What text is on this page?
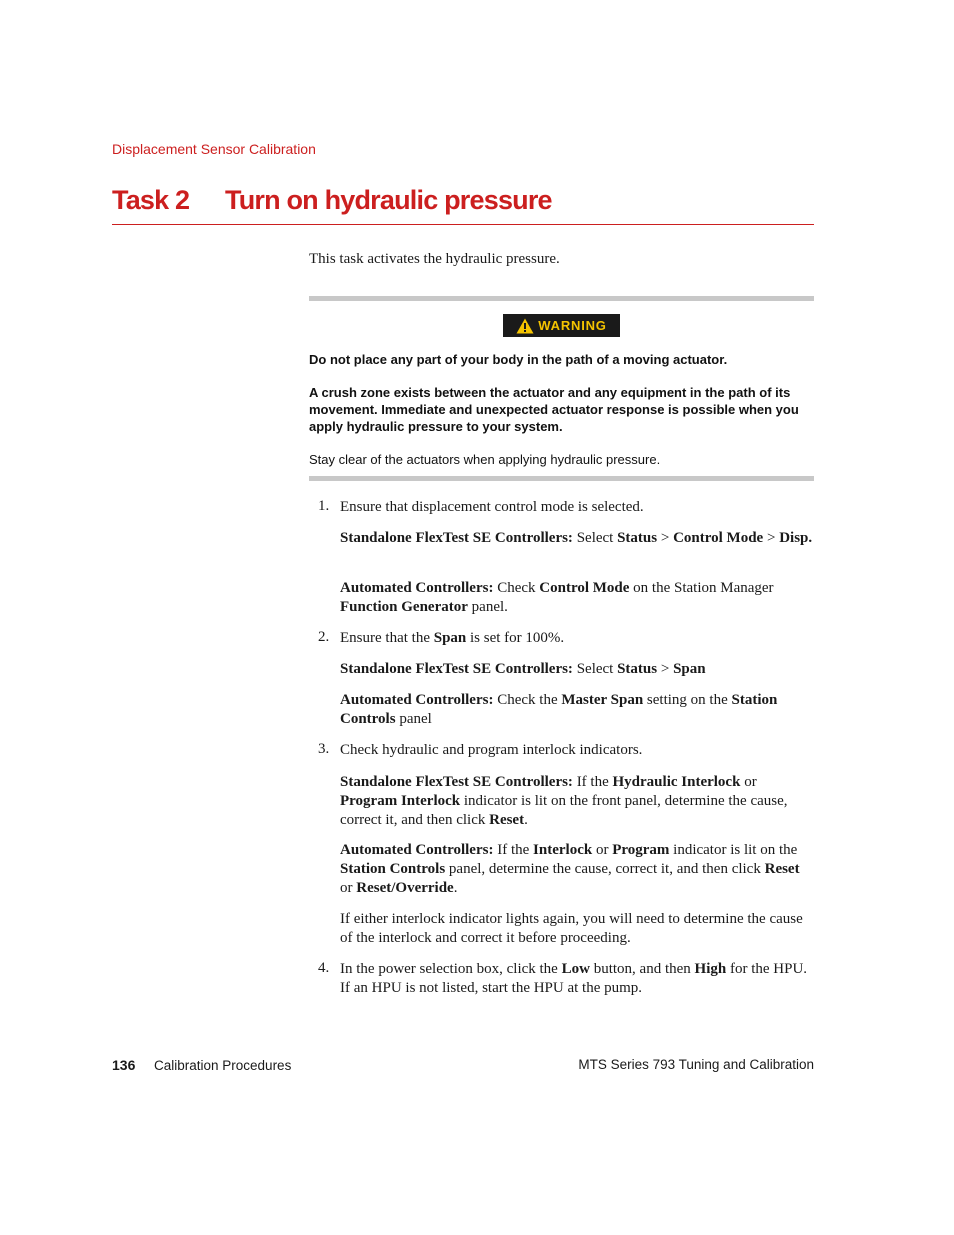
Displacement Sensor Calibration
Task 2 Turn on hydraulic pressure
This task activates the hydraulic pressure.
WARNING
Do not place any part of your body in the path of a moving actuator.
A crush zone exists between the actuator and any equipment in the path of its movement. Immediate and unexpected actuator response is possible when you apply hydraulic pressure to your system.
Stay clear of the actuators when applying hydraulic pressure.
1. Ensure that displacement control mode is selected.
Standalone FlexTest SE Controllers: Select Status > Control Mode > Disp.
Automated Controllers: Check Control Mode on the Station Manager Function Generator panel.
2. Ensure that the Span is set for 100%.
Standalone FlexTest SE Controllers: Select Status > Span
Automated Controllers: Check the Master Span setting on the Station Controls panel
3. Check hydraulic and program interlock indicators.
Standalone FlexTest SE Controllers: If the Hydraulic Interlock or Program Interlock indicator is lit on the front panel, determine the cause, correct it, and then click Reset.
Automated Controllers: If the Interlock or Program indicator is lit on the Station Controls panel, determine the cause, correct it, and then click Reset or Reset/Override.
If either interlock indicator lights again, you will need to determine the cause of the interlock and correct it before proceeding.
4. In the power selection box, click the Low button, and then High for the HPU. If an HPU is not listed, start the HPU at the pump.
136 Calibration Procedures	MTS Series 793 Tuning and Calibration
